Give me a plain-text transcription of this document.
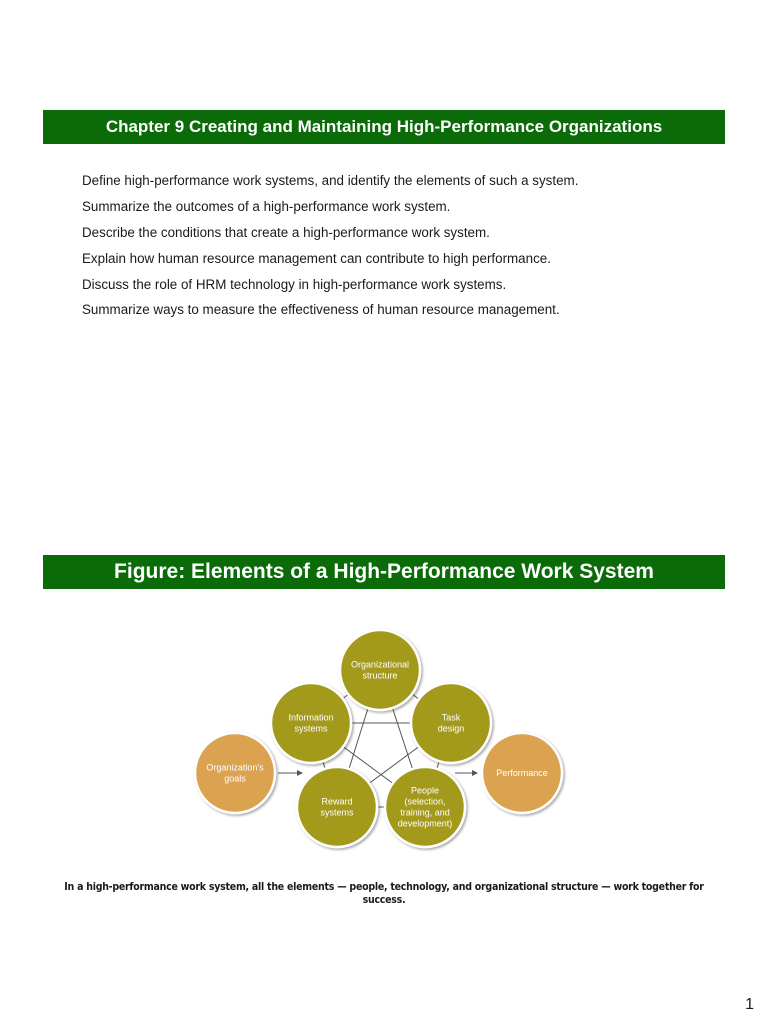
Chapter 9 Creating and Maintaining High-Performance Organizations
Define high-performance work systems, and identify the elements of such a system.
Summarize the outcomes of a high-performance work system.
Describe the conditions that create a high-performance work system.
Explain how human resource management can contribute to high performance.
Discuss the role of HRM technology in high-performance work systems.
Summarize ways to measure the effectiveness of human resource management.
Figure: Elements of a High-Performance Work System
Organizational structure
Task design
People (selection, training, and development)
Reward systems
Information systems
Organization's goals
Performance
In a high-performance work system, all the elements — people, technology, and organizational structure — work together for success.
1
